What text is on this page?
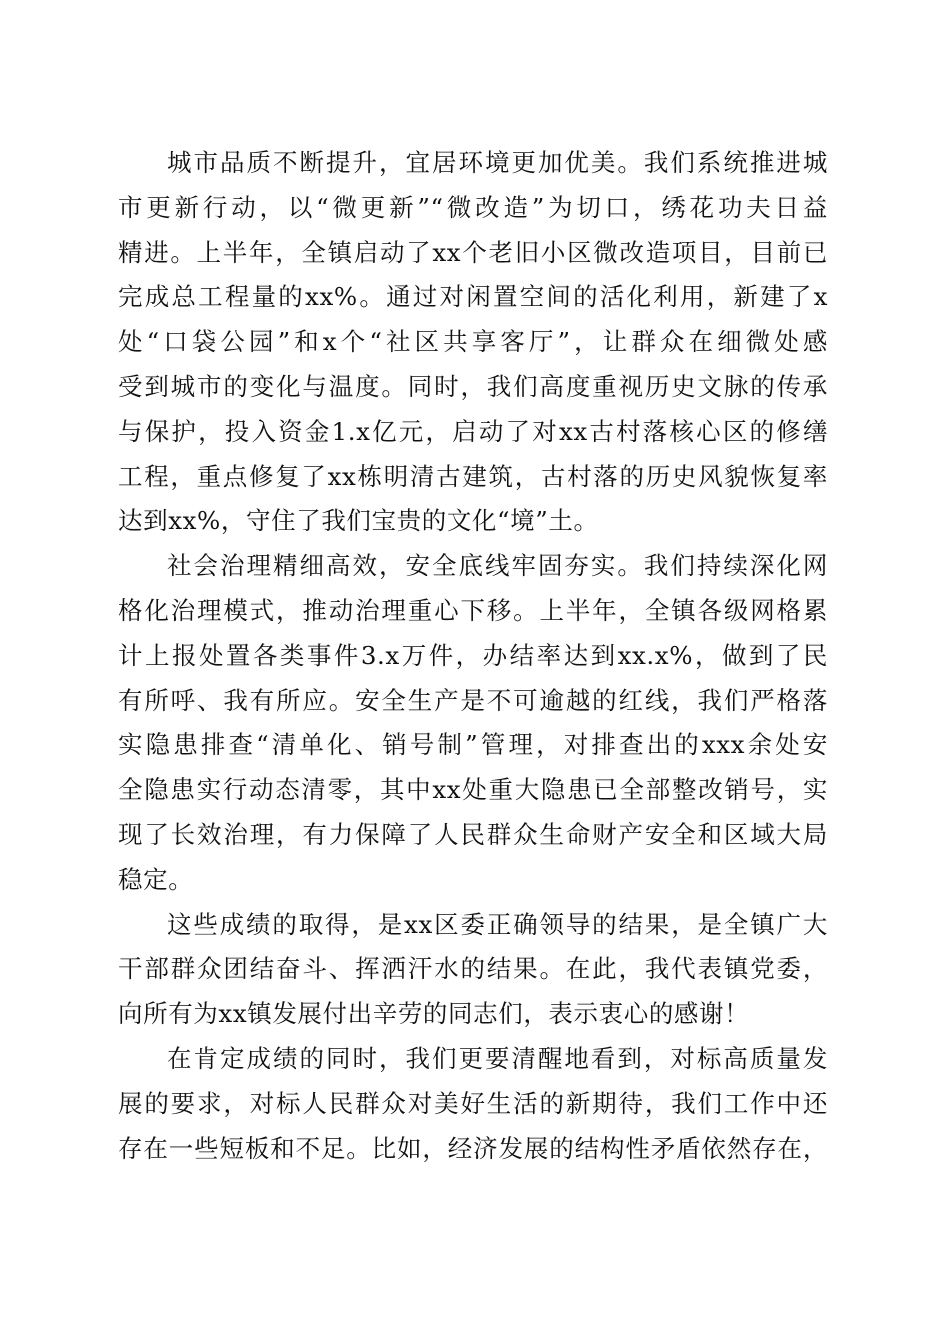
城市品质不断提升，宜居环境更加优美。我们系统推进城
市更新行动，以“微更新”“微改造”为切口，绣花功夫日益
精进。上半年，全镇启动了xx个老旧小区微改造项目，目前已
完成总工程量的xx%。通过对闲置空间的活化利用，新建了x
处“口袋公园”和x个“社区共享客厅”，让群众在细微处感
受到城市的变化与温度。同时，我们高度重视历史文脉的传承
与保护，投入资金1.x亿元，启动了对xx古村落核心区的修缮
工程，重点修复了xx栋明清古建筑，古村落的历史风貌恢复率
达到xx%，守住了我们宝贵的文化“境”土。
社会治理精细高效，安全底线牢固夯实。我们持续深化网
格化治理模式，推动治理重心下移。上半年，全镇各级网格累
计上报处置各类事件3.x万件，办结率达到xx.x%，做到了民
有所呼、我有所应。安全生产是不可逾越的红线，我们严格落
实隐患排查“清单化、销号制”管理，对排查出的xxx余处安
全隐患实行动态清零，其中xx处重大隐患已全部整改销号，实
现了长效治理，有力保障了人民群众生命财产安全和区域大局
稳定。
这些成绩的取得，是xx区委正确领导的结果，是全镇广大
干部群众团结奋斗、挥洒汗水的结果。在此，我代表镇党委，
向所有为xx镇发展付出辛劳的同志们，表示衷心的感谢！
在肯定成绩的同时，我们更要清醒地看到，对标高质量发
展的要求，对标人民群众对美好生活的新期待，我们工作中还
存在一些短板和不足。比如，经济发展的结构性矛盾依然存在，
